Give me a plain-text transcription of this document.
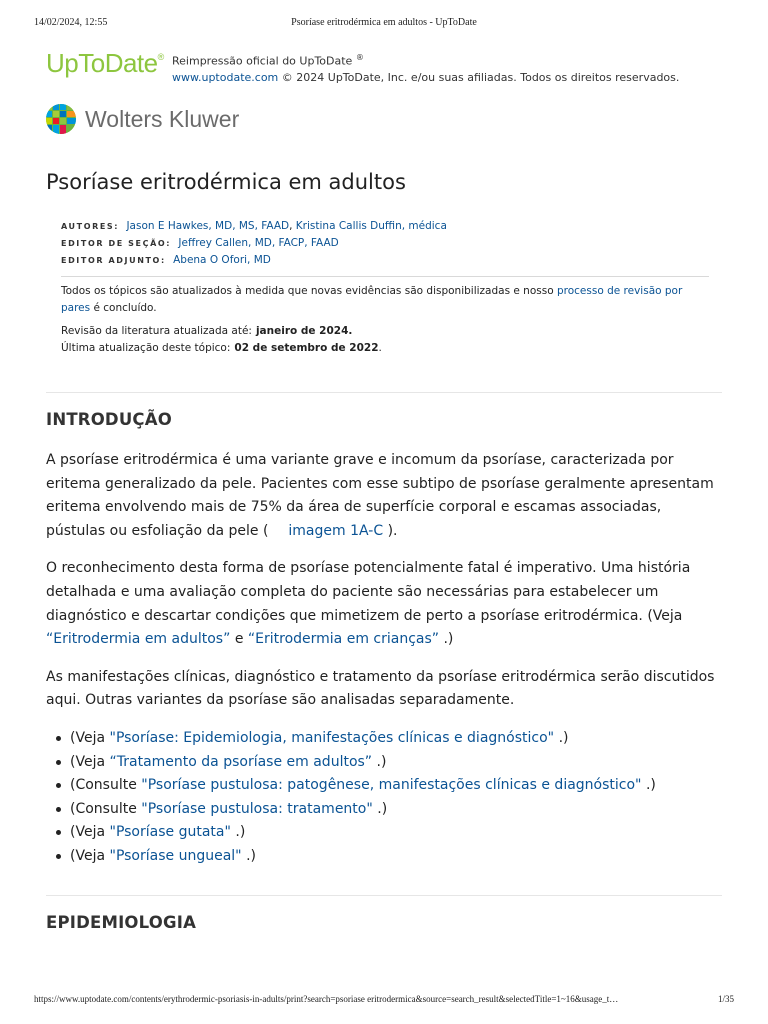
14/02/2024, 12:55	Psoríase eritrodérmica em adultos - UpToDate
UpToDate® Reimpressão oficial do UpToDate ®
www.uptodate.com © 2024 UpToDate, Inc. e/ou suas afiliadas. Todos os direitos reservados.
Wolters Kluwer
Psoríase eritrodérmica em adultos
AUTORES: Jason E Hawkes, MD, MS, FAAD, Kristina Callis Duffin, médica
EDITOR DE SEÇÃO: Jeffrey Callen, MD, FACP, FAAD
EDITOR ADJUNTO: Abena O Ofori, MD
Todos os tópicos são atualizados à medida que novas evidências são disponibilizadas e nosso processo de revisão por pares é concluído.
Revisão da literatura atualizada até: janeiro de 2024.
Última atualização deste tópico: 02 de setembro de 2022.
INTRODUÇÃO

A psoríase eritrodérmica é uma variante grave e incomum da psoríase, caracterizada por eritema generalizado da pele. Pacientes com esse subtipo de psoríase geralmente apresentam eritema envolvendo mais de 75% da área de superfície corporal e escamas associadas, pústulas ou esfoliação da pele ( imagem 1A-C ).

O reconhecimento desta forma de psoríase potencialmente fatal é imperativo. Uma história detalhada e uma avaliação completa do paciente são necessárias para estabelecer um diagnóstico e descartar condições que mimetizem de perto a psoríase eritrodérmica. (Veja “Eritrodermia em adultos” e “Eritrodermia em crianças” .)

As manifestações clínicas, diagnóstico e tratamento da psoríase eritrodérmica serão discutidos aqui. Outras variantes da psoríase são analisadas separadamente.

(Veja "Psoríase: Epidemiologia, manifestações clínicas e diagnóstico" .)
(Veja “Tratamento da psoríase em adultos” .)
(Consulte "Psoríase pustulosa: patogênese, manifestações clínicas e diagnóstico" .)
(Consulte "Psoríase pustulosa: tratamento" .)
(Veja "Psoríase gutata" .)
(Veja "Psoríase ungueal" .)
EPIDEMIOLOGIA
https://www.uptodate.com/contents/erythrodermic-psoriasis-in-adults/print?search=psoriase eritrodermica&source=search_result&selectedTitle=1~16&usage_t…	1/35
